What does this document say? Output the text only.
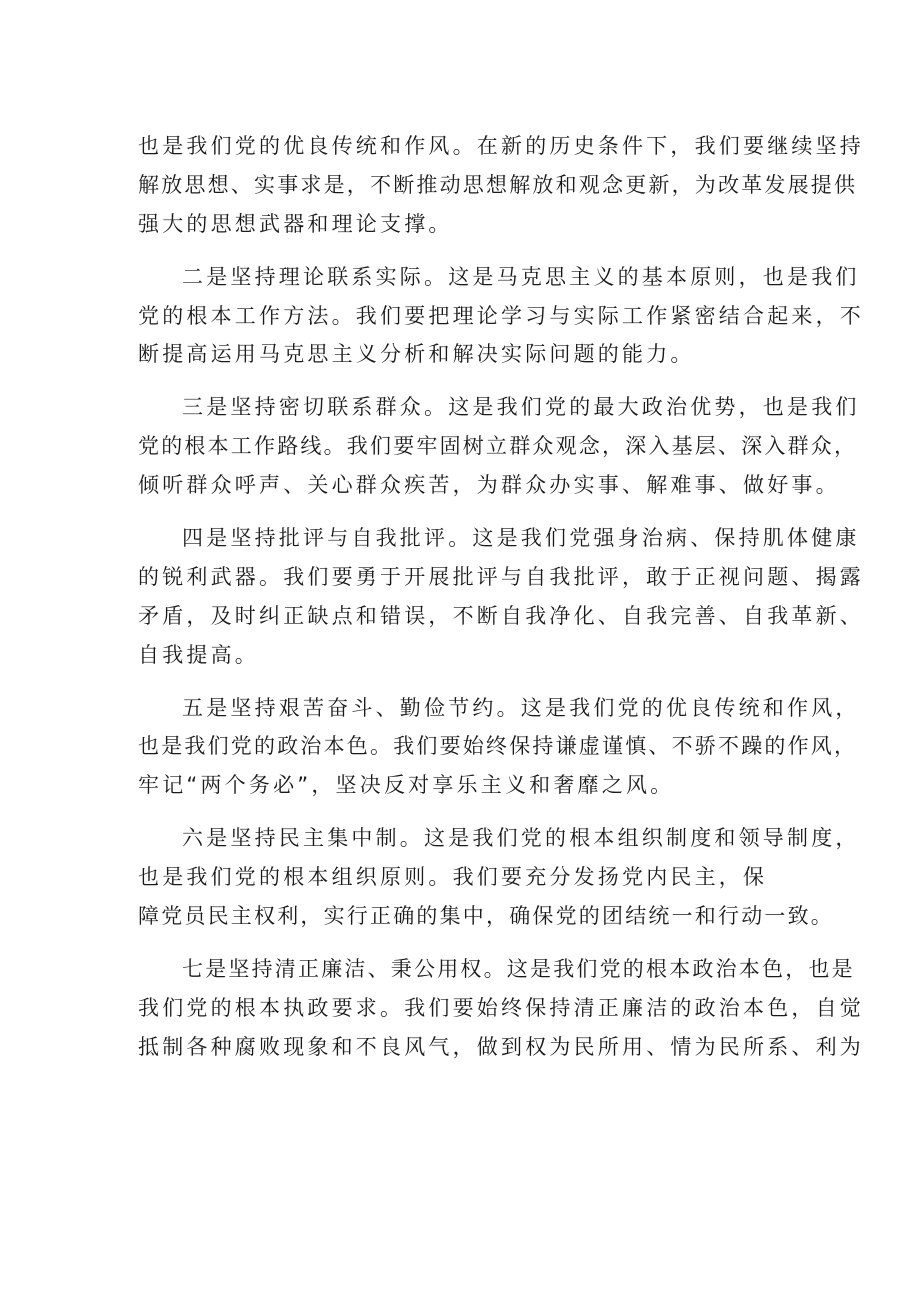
也是我们党的优良传统和作风。在新的历史条件下，我们要继续坚持
解放思想、实事求是，不断推动思想解放和观念更新，为改革发展提供
强大的思想武器和理论支撑。
二是坚持理论联系实际。这是马克思主义的基本原则，也是我们
党的根本工作方法。我们要把理论学习与实际工作紧密结合起来，不
断提高运用马克思主义分析和解决实际问题的能力。
三是坚持密切联系群众。这是我们党的最大政治优势，也是我们
党的根本工作路线。我们要牢固树立群众观念，深入基层、深入群众，
倾听群众呼声、关心群众疾苦，为群众办实事、解难事、做好事。
四是坚持批评与自我批评。这是我们党强身治病、保持肌体健康
的锐利武器。我们要勇于开展批评与自我批评，敢于正视问题、揭露
矛盾，及时纠正缺点和错误，不断自我净化、自我完善、自我革新、
自我提高。
五是坚持艰苦奋斗、勤俭节约。这是我们党的优良传统和作风，
也是我们党的政治本色。我们要始终保持谦虚谨慎、不骄不躁的作风，
牢记“两个务必”，坚决反对享乐主义和奢靡之风。
六是坚持民主集中制。这是我们党的根本组织制度和领导制度，
也是我们党的根本组织原则。我们要充分发扬党内民主，保
障党员民主权利，实行正确的集中，确保党的团结统一和行动一致。
七是坚持清正廉洁、秉公用权。这是我们党的根本政治本色，也是
我们党的根本执政要求。我们要始终保持清正廉洁的政治本色，自觉
抵制各种腐败现象和不良风气，做到权为民所用、情为民所系、利为
